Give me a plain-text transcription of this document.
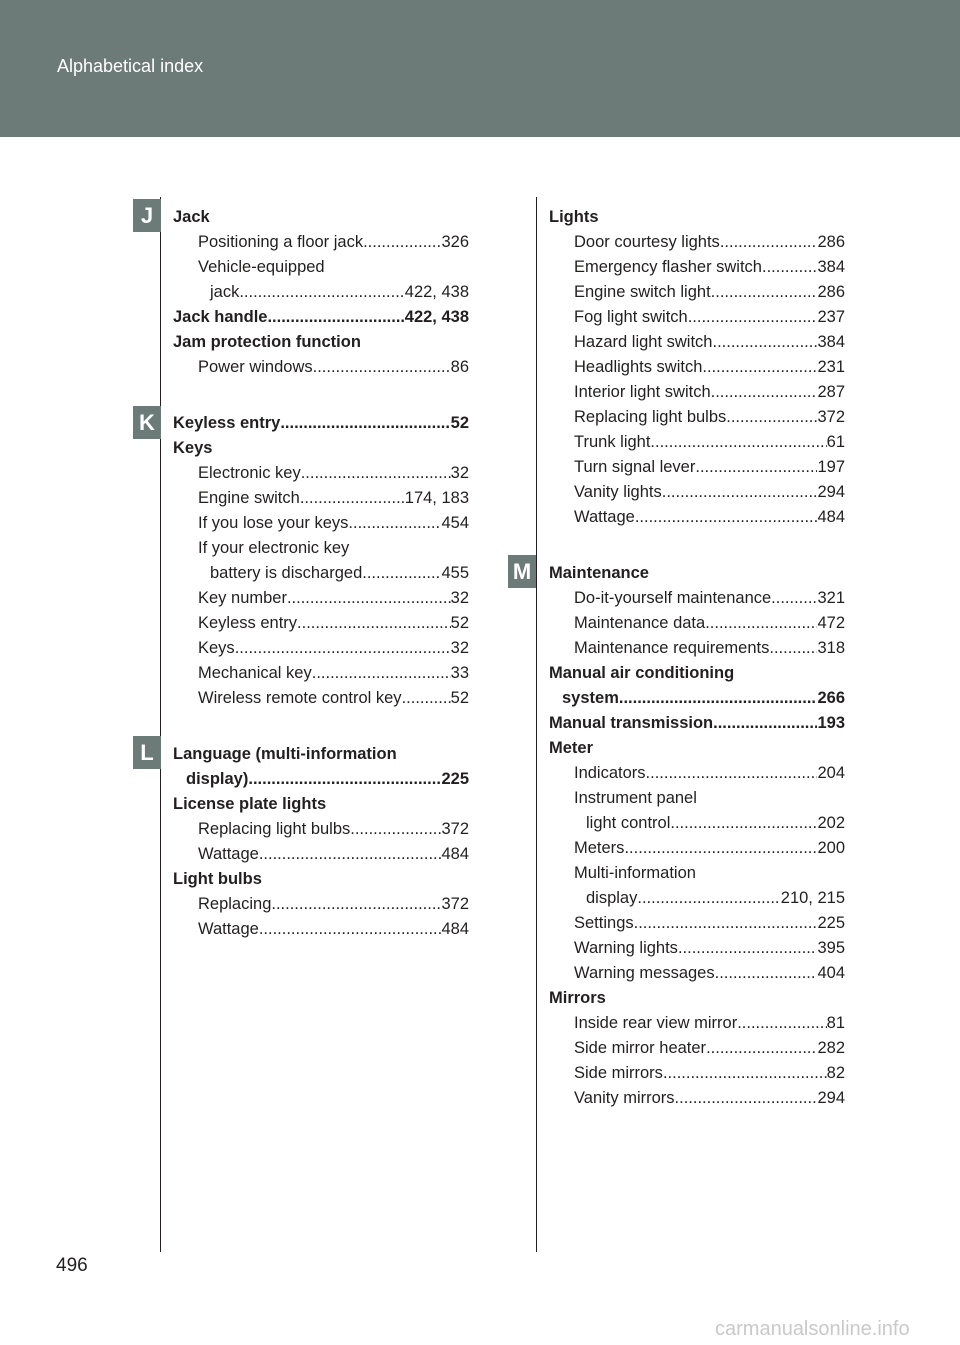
Alphabetical index
J
K
L
M
Jack
Positioning a floor jack .....	326
Vehicle-equipped
jack .....	422, 438
Jack handle .....	422, 438
Jam protection function
Power windows .....	86
Keyless entry .....	52
Keys
Electronic key .....	32
Engine switch .....	174, 183
If you lose your keys .....	454
If your electronic key
battery is discharged .....	455
Key number .....	32
Keyless entry .....	52
Keys .....	32
Mechanical key .....	33
Wireless remote control key .....	52
Language (multi-information
display) .....	225
License plate lights
Replacing light bulbs .....	372
Wattage .....	484
Light bulbs
Replacing .....	372
Wattage .....	484
Lights
Door courtesy lights .....	286
Emergency flasher switch .....	384
Engine switch light .....	286
Fog light switch .....	237
Hazard light switch .....	384
Headlights switch .....	231
Interior light switch .....	287
Replacing light bulbs .....	372
Trunk light .....	61
Turn signal lever .....	197
Vanity lights .....	294
Wattage .....	484
Maintenance
Do-it-yourself maintenance .....	321
Maintenance data .....	472
Maintenance requirements .....	318
Manual air conditioning
system .....	266
Manual transmission .....	193
Meter
Indicators .....	204
Instrument panel
light control .....	202
Meters .....	200
Multi-information
display .....	210, 215
Settings .....	225
Warning lights .....	395
Warning messages .....	404
Mirrors
Inside rear view mirror .....	81
Side mirror heater .....	282
Side mirrors .....	82
Vanity mirrors .....	294
496
carmanualsonline.info
